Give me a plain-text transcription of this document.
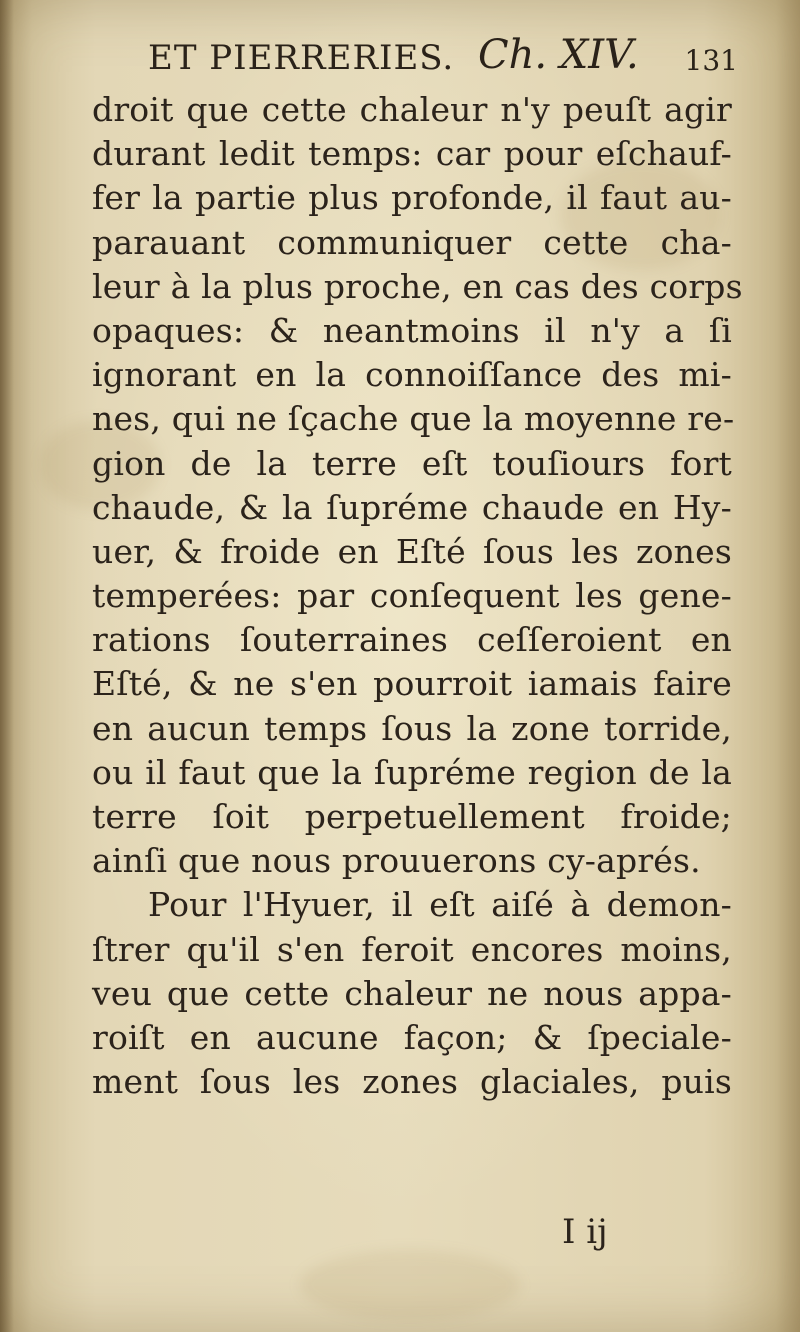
ET PIERRERIES. Ch. XIV. 131
droit que cette chaleur n'y peuſt agir
durant ledit temps: car pour eſchauf-
fer la partie plus profonde, il faut au-
parauant communiquer cette cha-
leur à la plus proche, en cas des corps
opaques: & neantmoins il n'y a ſi
ignorant en la connoiſſance des mi-
nes, qui ne ſçache que la moyenne re-
gion de la terre eſt touſiours fort
chaude, & la ſupréme chaude en Hy-
uer, & froide en Eſté ſous les zones
temperées: par conſequent les gene-
rations ſouterraines ceſſeroient en
Eſté, & ne s'en pourroit iamais faire
en aucun temps ſous la zone torride,
ou il faut que la ſupréme region de la
terre ſoit perpetuellement froide;
ainſi que nous prouuerons cy-aprés.
Pour l'Hyuer, il eſt aiſé à demon-
ſtrer qu'il s'en feroit encores moins,
veu que cette chaleur ne nous appa-
roiſt en aucune façon; & ſpeciale-
ment ſous les zones glaciales, puis
I ij
